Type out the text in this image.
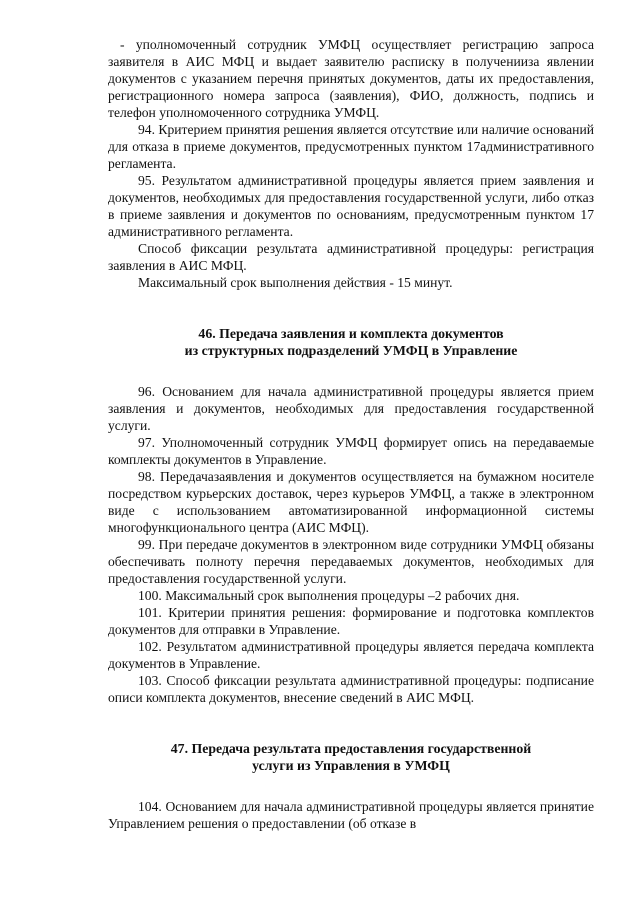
- уполномоченный сотрудник УМФЦ осуществляет регистрацию запроса заявителя в АИС МФЦ и выдает заявителю расписку в полученииза явлении документов с указанием перечня принятых документов, даты их предоставления, регистрационного номера запроса (заявления), ФИО, должность, подпись и телефон уполномоченного сотрудника УМФЦ.

94. Критерием принятия решения является отсутствие или наличие оснований для отказа в приеме документов, предусмотренных пунктом 17административного регламента.

95. Результатом административной процедуры является прием заявления и документов, необходимых для предоставления государственной услуги, либо отказ в приеме заявления и документов по основаниям, предусмотренным пунктом 17 административного регламента.

Способ фиксации результата административной процедуры: регистрация заявления в АИС МФЦ.

Максимальный срок выполнения действия - 15 минут.

46. Передача заявления и комплекта документов

из структурных подразделений УМФЦ в Управление

96. Основанием для начала административной процедуры является прием заявления и документов, необходимых для предоставления государственной услуги.

97. Уполномоченный сотрудник УМФЦ формирует опись на передаваемые комплекты документов в Управление.

98. Передачазаявления и документов осуществляется на бумажном носителе посредством курьерских доставок, через курьеров УМФЦ, а также в электронном виде с использованием автоматизированной информационной системы многофункционального центра (АИС МФЦ).

99. При передаче документов в электронном виде сотрудники УМФЦ обязаны обеспечивать полноту перечня передаваемых документов, необходимых для предоставления государственной услуги.

100. Максимальный срок выполнения процедуры –2 рабочих дня.

101. Критерии принятия решения: формирование и подготовка комплектов документов для отправки в Управление.

102. Результатом административной процедуры является передача комплекта документов в Управление.

103. Способ фиксации результата административной процедуры: подписание описи комплекта документов, внесение сведений в АИС МФЦ.

47. Передача результата предоставления государственной

услуги из Управления в УМФЦ

104. Основанием для начала административной процедуры является принятие Управлением решения о предоставлении (об отказе в
